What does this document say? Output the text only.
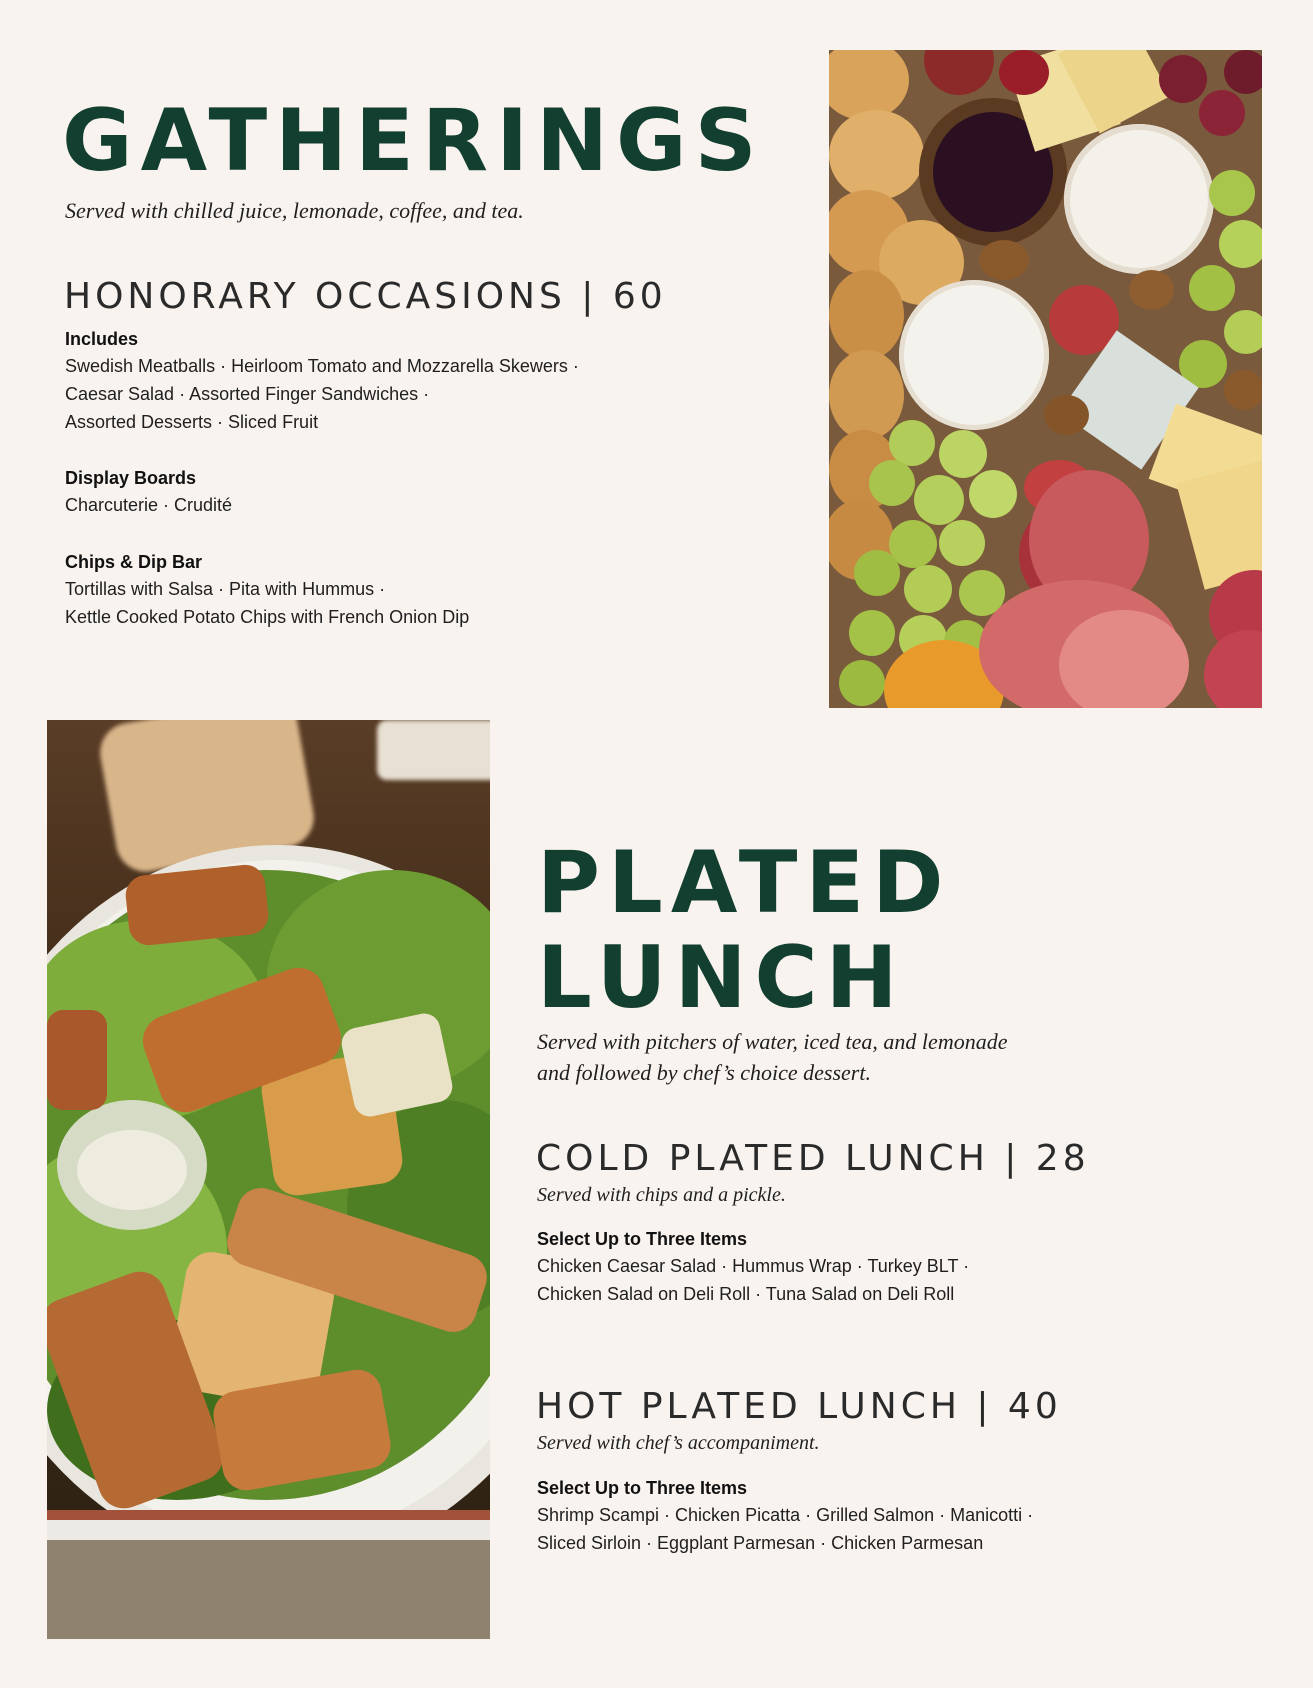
GATHERINGS

Served with chilled juice, lemonade, coffee, and tea.

HONORARY OCCASIONS | 60

Includes

Swedish Meatballs · Heirloom Tomato and Mozzarella Skewers ·
Caesar Salad · Assorted Finger Sandwiches ·
Assorted Desserts · Sliced Fruit

Display Boards

Charcuterie · Crudité

Chips & Dip Bar

Tortillas with Salsa · Pita with Hummus ·
Kettle Cooked Potato Chips with French Onion Dip

PLATED
LUNCH

Served with pitchers of water, iced tea, and lemonade

and followed by chef’s choice dessert.

COLD PLATED LUNCH | 28

Served with chips and a pickle.

Select Up to Three Items

Chicken Caesar Salad · Hummus Wrap · Turkey BLT ·
Chicken Salad on Deli Roll · Tuna Salad on Deli Roll

HOT PLATED LUNCH | 40

Served with chef’s accompaniment.

Select Up to Three Items

Shrimp Scampi · Chicken Picatta · Grilled Salmon · Manicotti ·
Sliced Sirloin · Eggplant Parmesan · Chicken Parmesan
